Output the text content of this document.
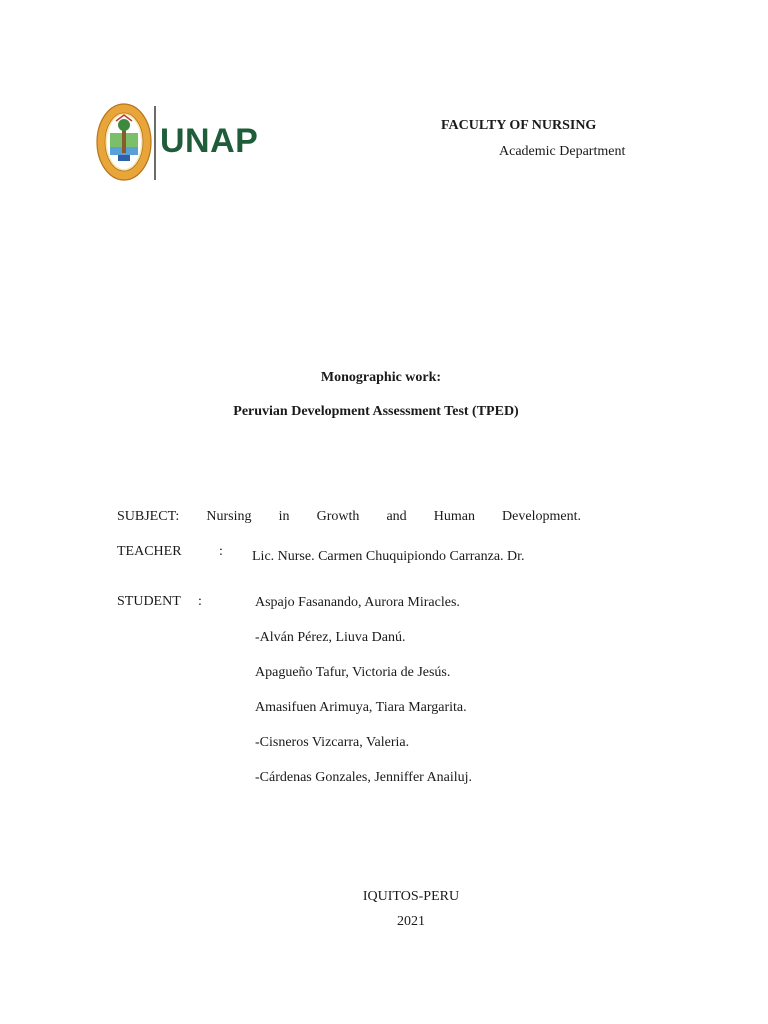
UNAP	FACULTY OF NURSING
Academic Department
Monographic work:
Peruvian Development Assessment Test (TPED)
SUBJECT: Nursing in Growth and Human Development.
TEACHER	: Lic. Nurse. Carmen Chuquipiondo Carranza. Dr.
STUDENT :	Aspajo Fasanando, Aurora Miracles.
-Alván Pérez, Liuva Danú.
Apagueño Tafur, Victoria de Jesús.
Amasifuen Arimuya, Tiara Margarita.
-Cisneros Vizcarra, Valeria.
-Cárdenas Gonzales, Jenniffer Anailuj.
IQUITOS-PERU
2021
